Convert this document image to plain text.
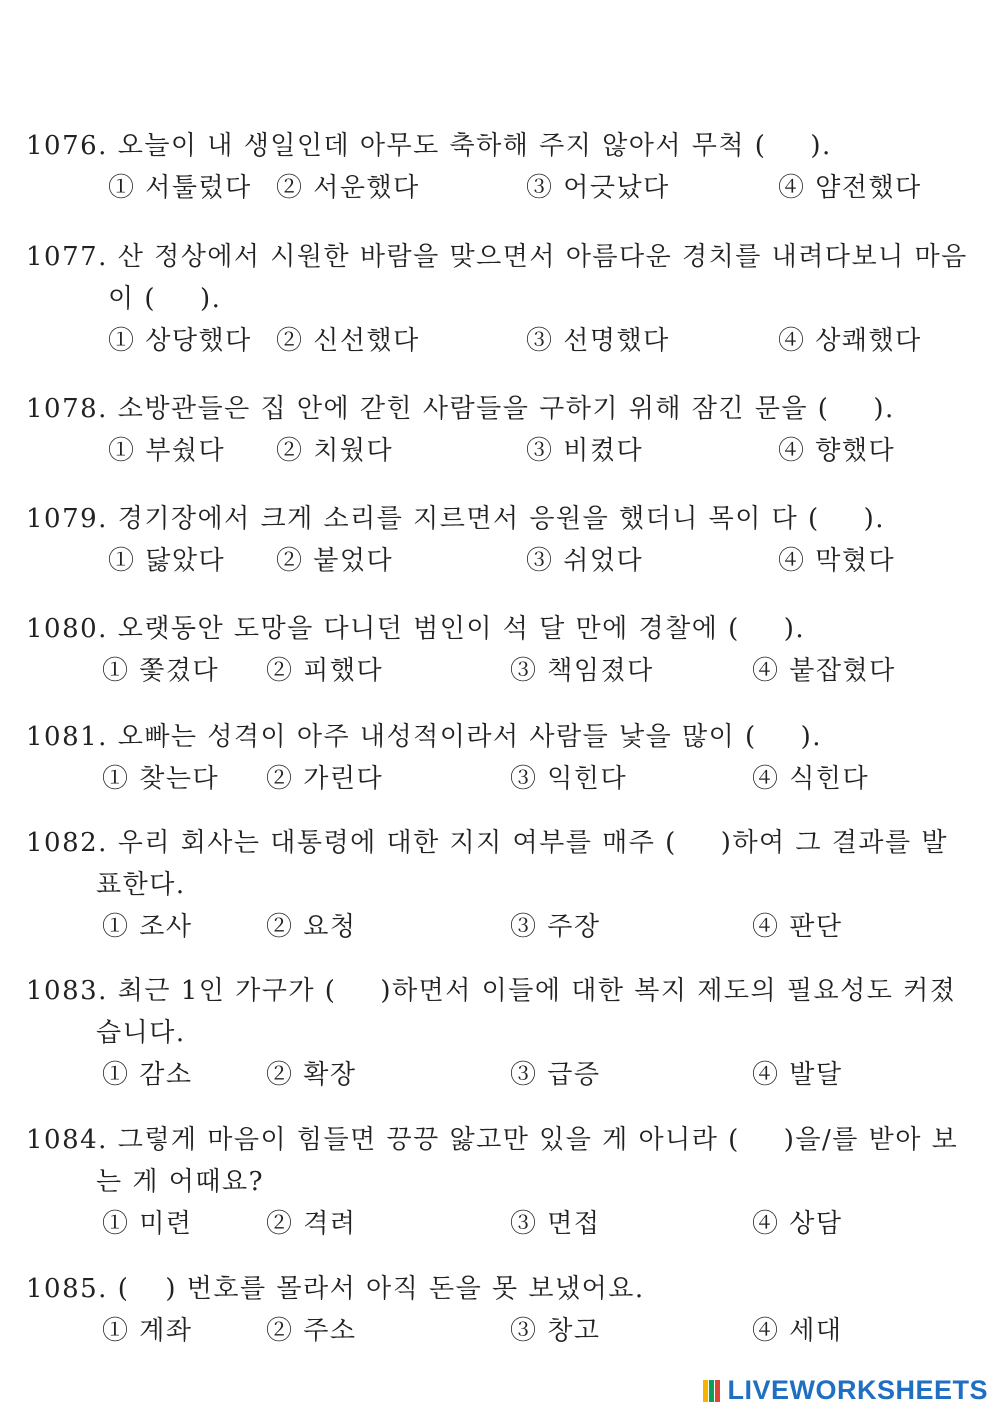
1076. 오늘이 내 생일인데 아무도 축하해 주지 않아서 무척 ( ).
① 서툴렀다 ② 서운했다	③ 어긋났다	④ 얌전했다
1077. 산 정상에서 시원한 바람을 맞으면서 아름다운 경치를 내려다보니 마음
이 ( ).
① 상당했다 ② 신선했다	③ 선명했다	④ 상쾌했다
1078. 소방관들은 집 안에 갇힌 사람들을 구하기 위해 잠긴 문을 ( ).
① 부쉈다 ② 치웠다	③ 비켰다	④ 향했다
1079. 경기장에서 크게 소리를 지르면서 응원을 했더니 목이 다 ( ).
① 닳았다 ② 붙었다	③ 쉬었다	④ 막혔다
1080. 오랫동안 도망을 다니던 범인이 석 달 만에 경찰에 ( ).
① 쫓겼다 ② 피했다	③ 책임졌다	④ 붙잡혔다
1081. 오빠는 성격이 아주 내성적이라서 사람들 낯을 많이 ( ).
① 찾는다 ② 가린다	③ 익힌다	④ 식힌다
1082. 우리 회사는 대통령에 대한 지지 여부를 매주 ( )하여 그 결과를 발
표한다.
① 조사	② 요청	③ 주장	④ 판단
1083. 최근 1인 가구가 ( )하면서 이들에 대한 복지 제도의 필요성도 커졌
습니다.
① 감소	② 확장	③ 급증	④ 발달
1084. 그렇게 마음이 힘들면 끙끙 앓고만 있을 게 아니라 ( )을/를 받아 보
는 게 어때요?
① 미련	② 격려	③ 면접	④ 상담
1085. ( ) 번호를 몰라서 아직 돈을 못 보냈어요.
① 계좌	② 주소	③ 창고	④ 세대
LIVEWORKSHEETS
